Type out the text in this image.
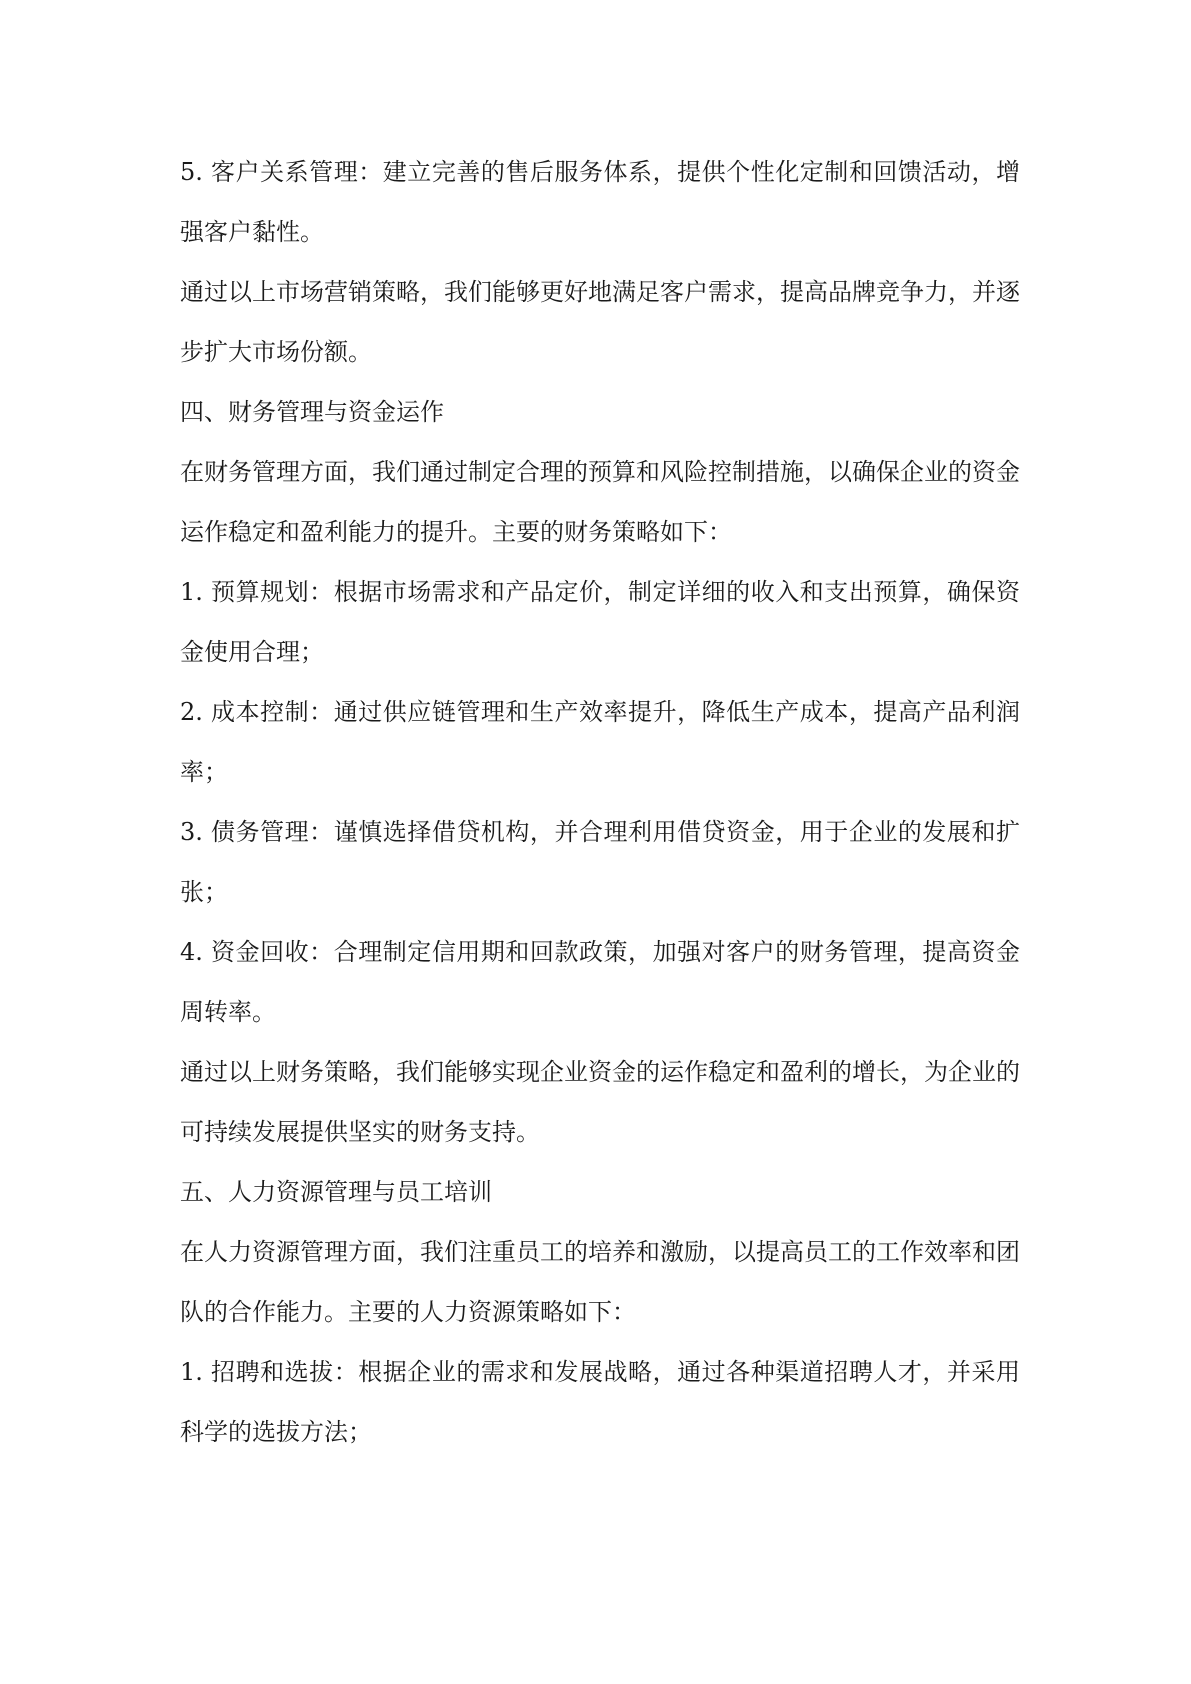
5. 客户关系管理：建立完善的售后服务体系，提供个性化定制和回馈活动，增强客户黏性。

通过以上市场营销策略，我们能够更好地满足客户需求，提高品牌竞争力，并逐步扩大市场份额。

四、财务管理与资金运作

在财务管理方面，我们通过制定合理的预算和风险控制措施，以确保企业的资金运作稳定和盈利能力的提升。主要的财务策略如下：

1. 预算规划：根据市场需求和产品定价，制定详细的收入和支出预算，确保资金使用合理；

2. 成本控制：通过供应链管理和生产效率提升，降低生产成本，提高产品利润率；

3. 债务管理：谨慎选择借贷机构，并合理利用借贷资金，用于企业的发展和扩张；

4. 资金回收：合理制定信用期和回款政策，加强对客户的财务管理，提高资金周转率。

通过以上财务策略，我们能够实现企业资金的运作稳定和盈利的增长，为企业的可持续发展提供坚实的财务支持。

五、人力资源管理与员工培训

在人力资源管理方面，我们注重员工的培养和激励，以提高员工的工作效率和团队的合作能力。主要的人力资源策略如下：

1. 招聘和选拔：根据企业的需求和发展战略，通过各种渠道招聘人才，并采用科学的选拔方法；
